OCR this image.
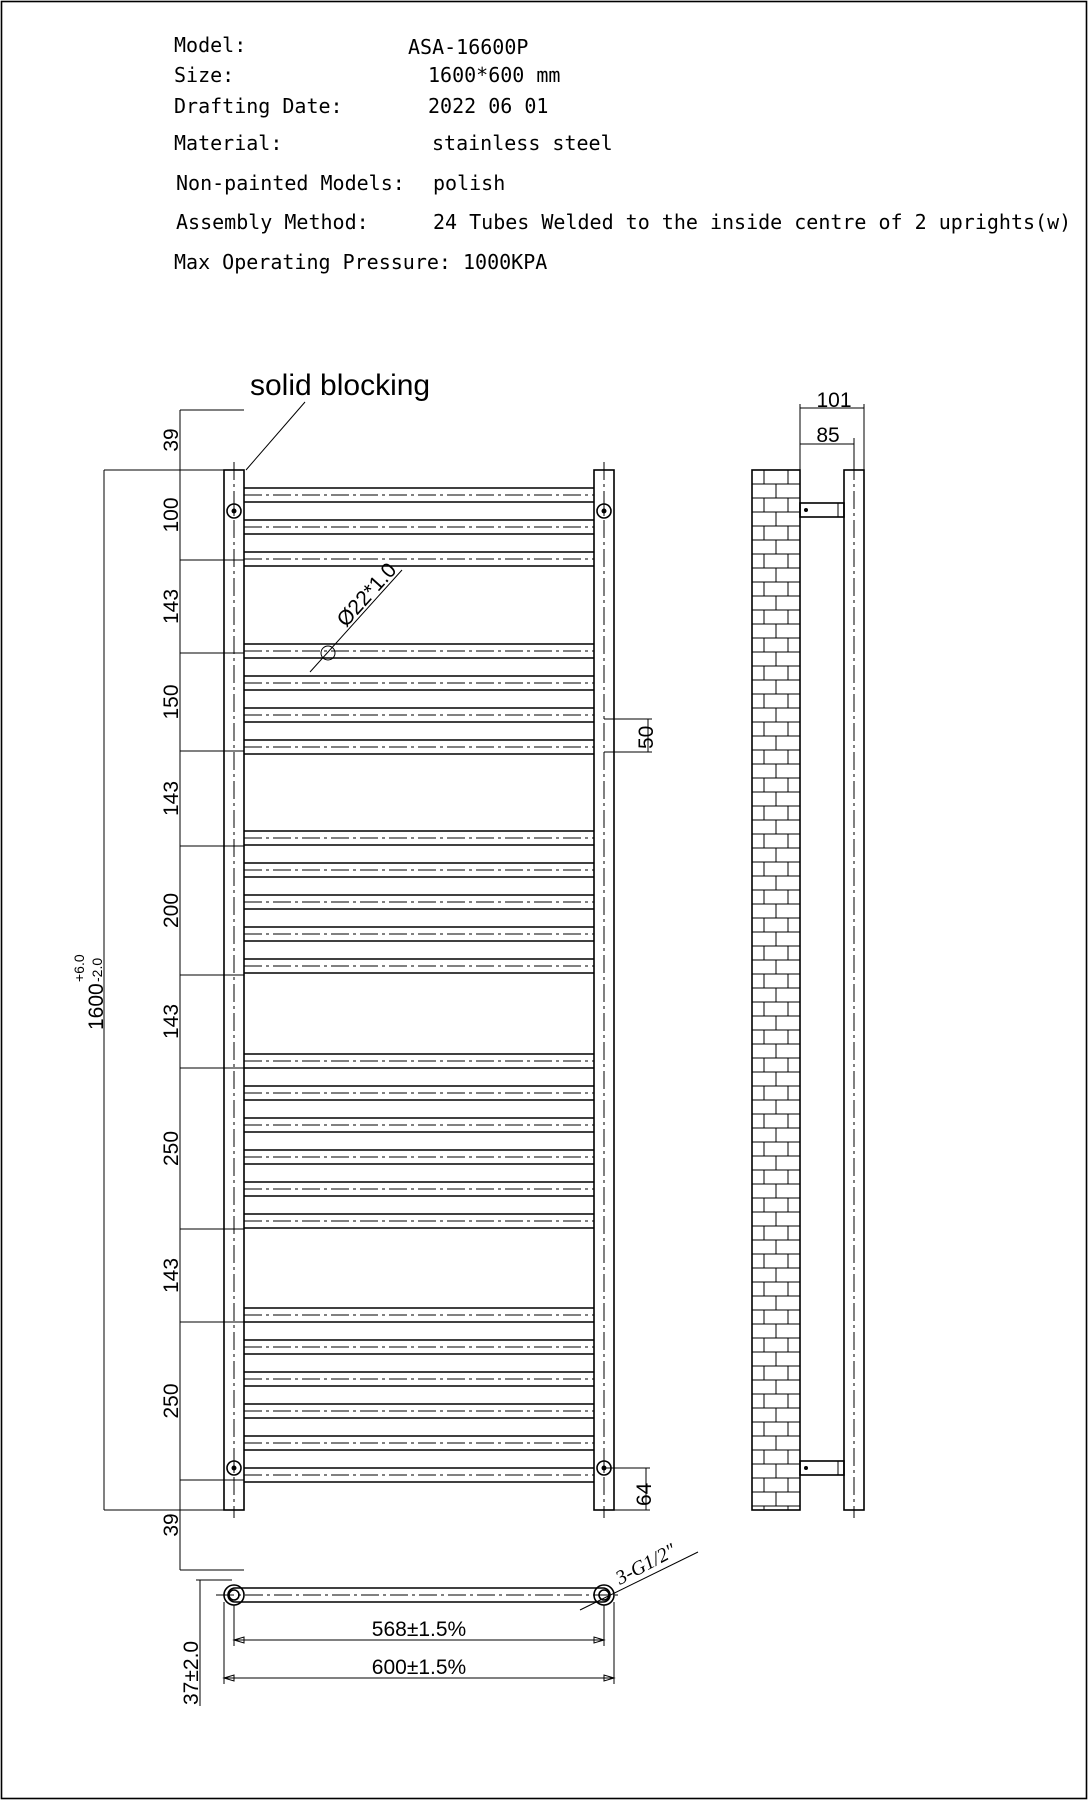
Model:	ASA-16600P
Size:	1600*600 mm
Drafting Date:	2022 06 01
Material:	stainless steel
Non-painted Models: polish
Assembly Method:	24 Tubes Welded to the inside centre of 2 uprights(w)
Max Operating Pressure: 1000KPA
solid blocking
Ø22*1.0
1600
+6.0 -2.0
39
100
143
150
143
200
143
250
143
250
39
50
64
3-G1/2"
37±2.0
568±1.5%
600±1.5%
101
85
